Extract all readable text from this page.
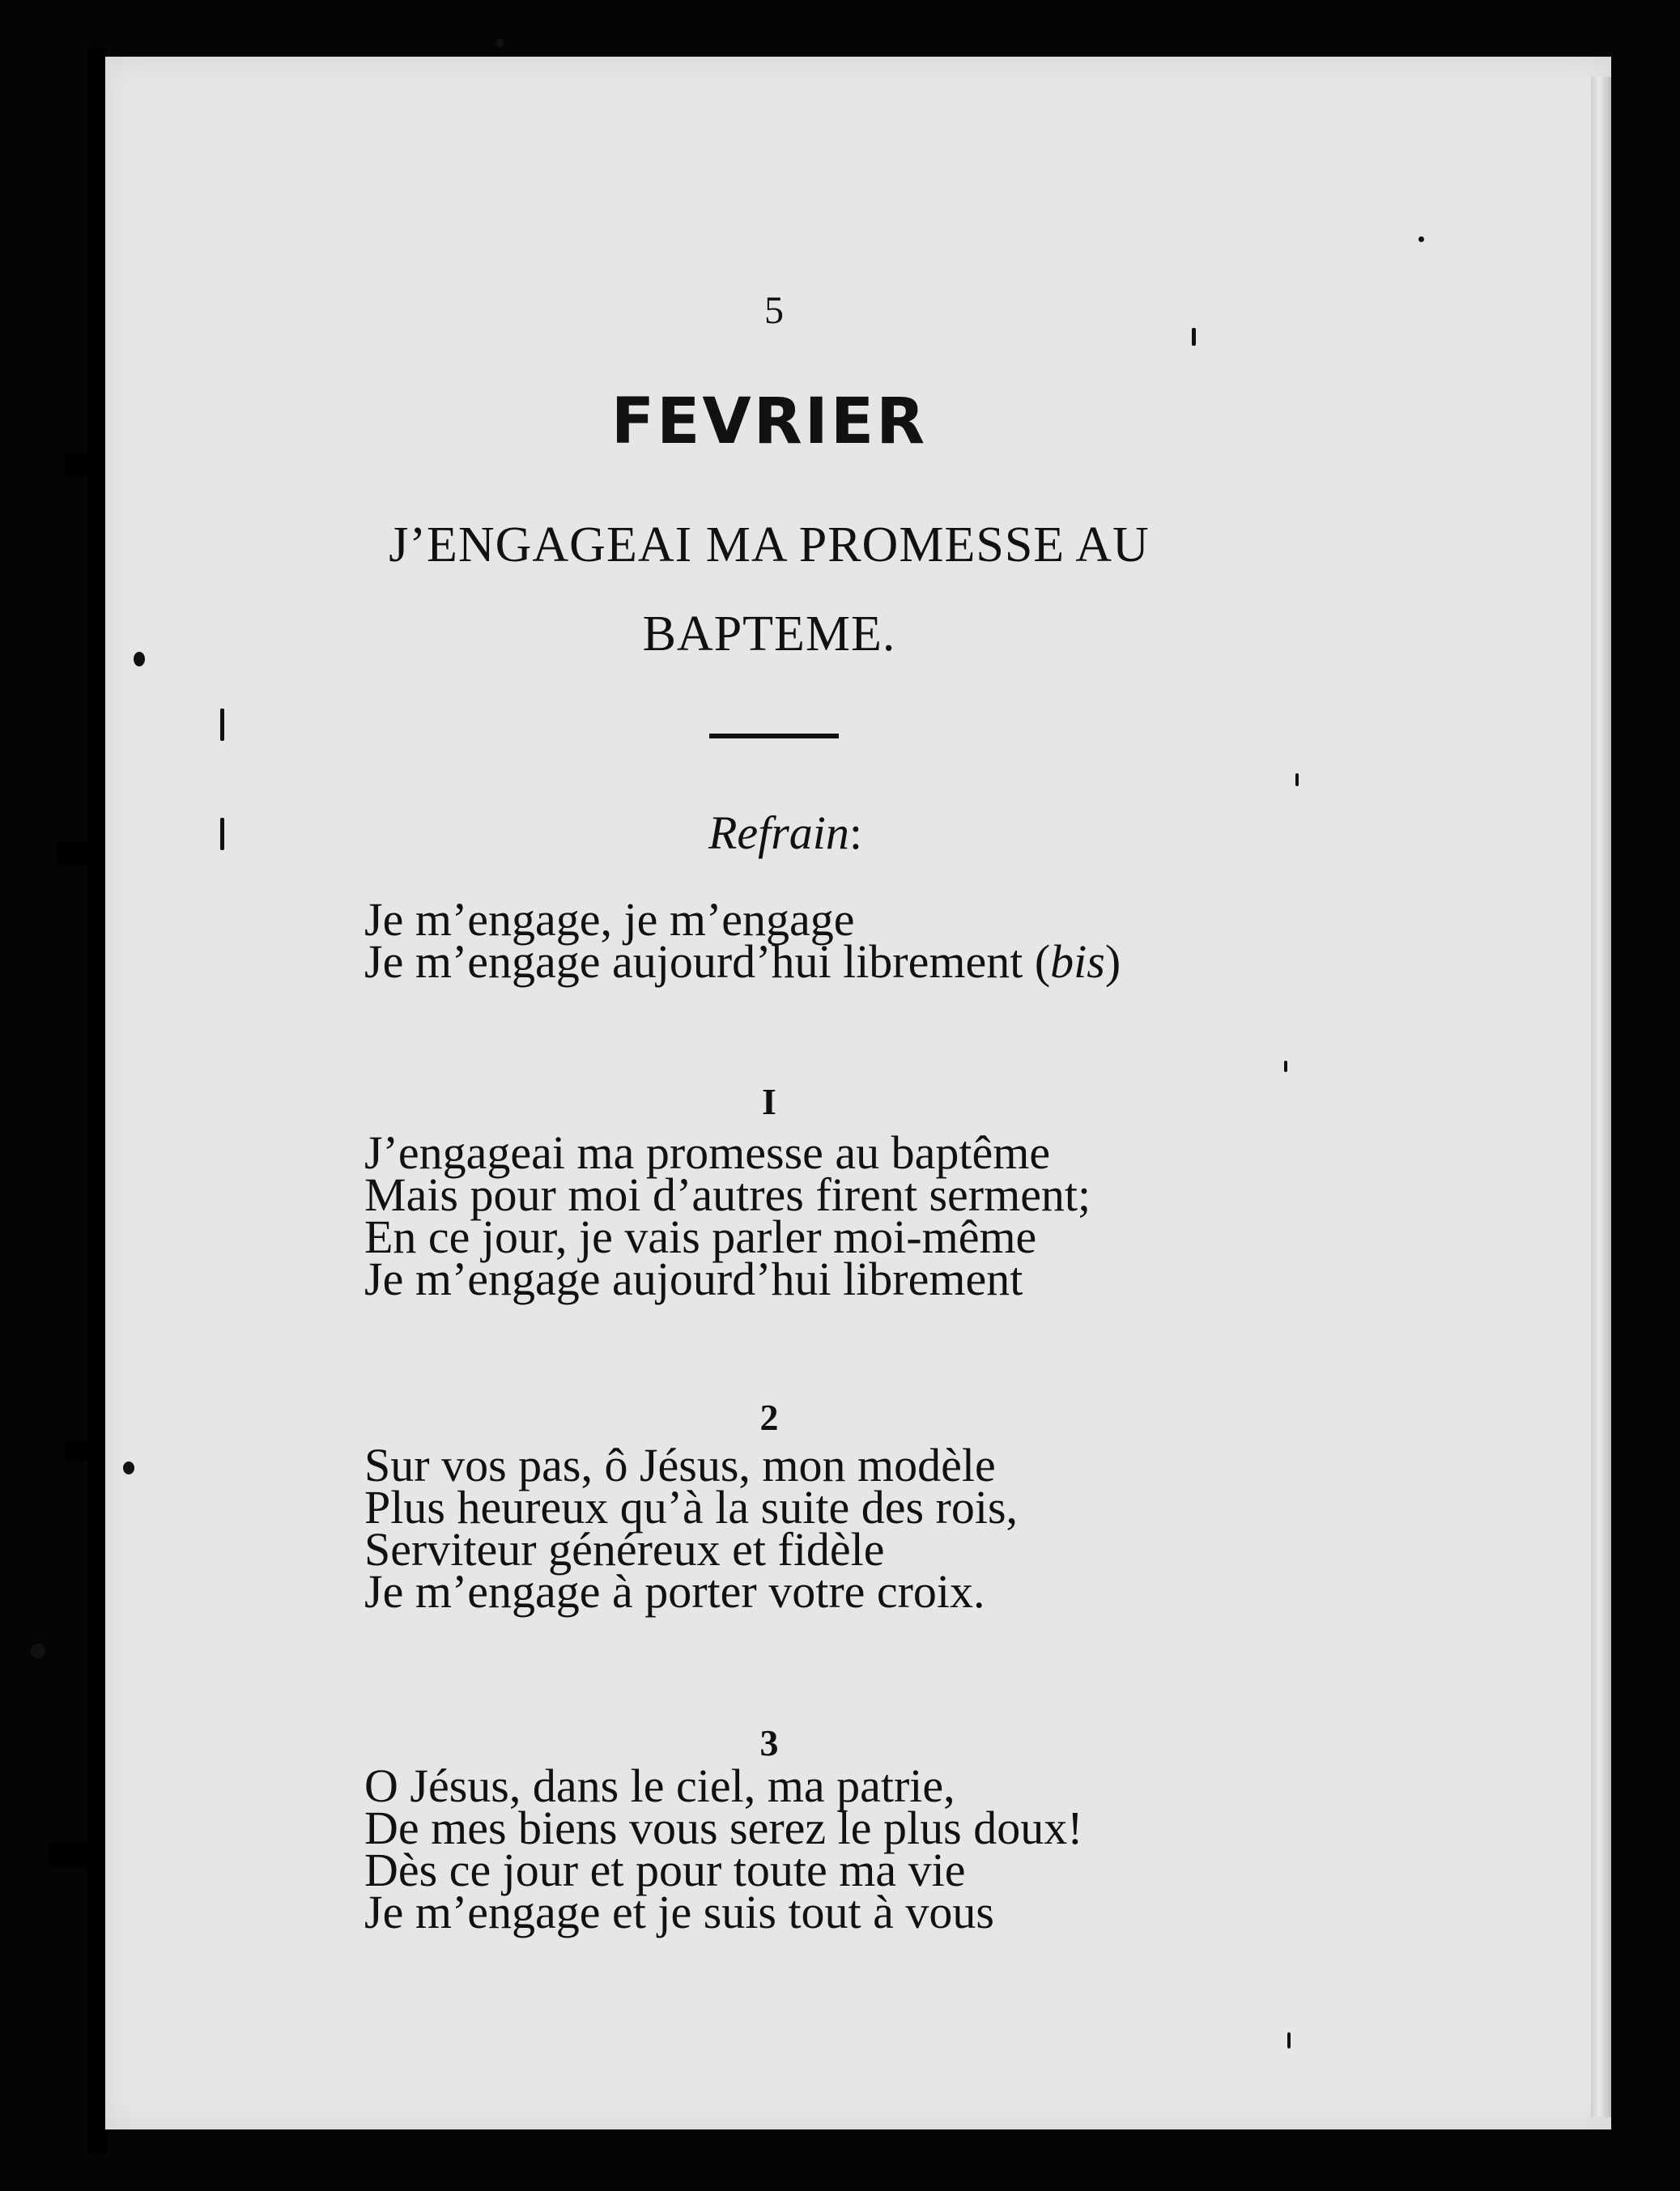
5
FEVRIER
J’ENGAGEAI MA PROMESSE AU
BAPTEME.
Refrain:
Je m’engage, je m’engage
Je m’engage aujourd’hui librement (bis)
I
J’engageai ma promesse au baptême
Mais pour moi d’autres firent serment;
En ce jour, je vais parler moi-même
Je m’engage aujourd’hui librement
2
Sur vos pas, ô Jésus, mon modèle
Plus heureux qu’à la suite des rois,
Serviteur généreux et fidèle
Je m’engage à porter votre croix.
3
O Jésus, dans le ciel, ma patrie,
De mes biens vous serez le plus doux!
Dès ce jour et pour toute ma vie
Je m’engage et je suis tout à vous
